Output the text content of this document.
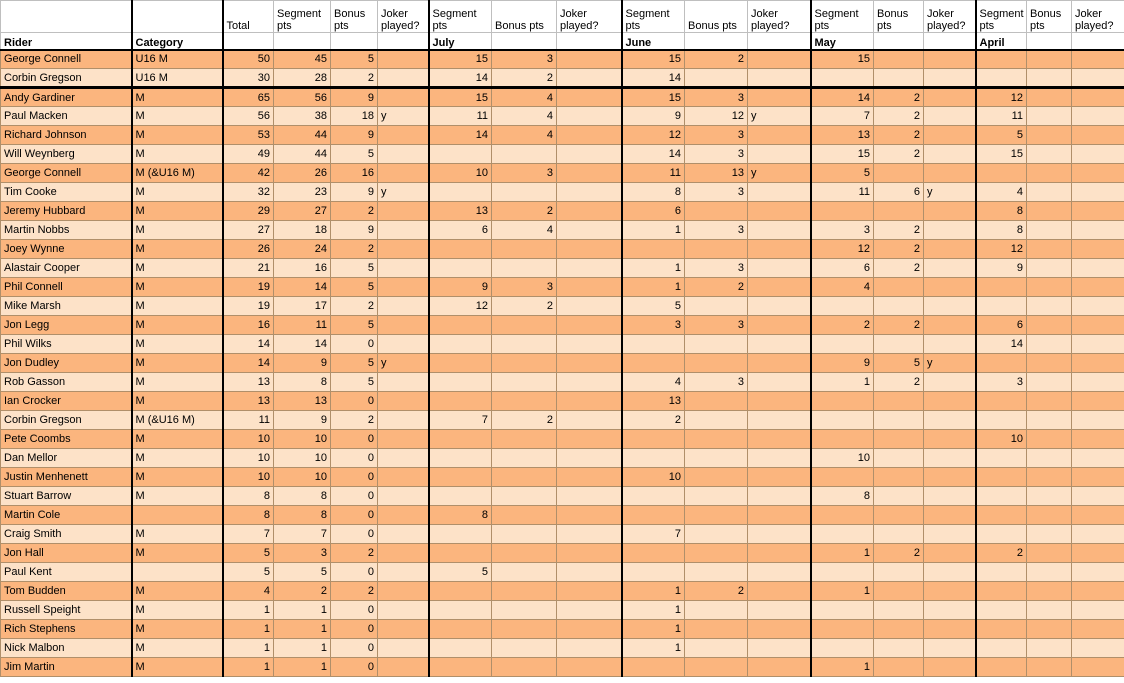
		Total	Segment pts	Bonus pts	Joker played?	Segment pts	Bonus pts	Joker played?	Segment pts	Bonus pts	Joker played?	Segment pts	Bonus pts	Joker played?	Segment pts	Bonus pts	Joker played?
Rider	Category					July			June			May			April		
George Connell	U16 M	50	45	5		15	3		15	2		15					
Corbin Gregson	U16 M	30	28	2		14	2		14								
Andy Gardiner	M	65	56	9		15	4		15	3		14	2		12		
Paul Macken	M	56	38	18	y	11	4		9	12	y	7	2		11		
Richard Johnson	M	53	44	9		14	4		12	3		13	2		5		
Will Weynberg	M	49	44	5					14	3		15	2		15		
George Connell	M (&U16 M)	42	26	16		10	3		11	13	y	5					
Tim Cooke	M	32	23	9	y				8	3		11	6	y	4		
Jeremy Hubbard	M	29	27	2		13	2		6						8		
Martin Nobbs	M	27	18	9		6	4		1	3		3	2		8		
Joey Wynne	M	26	24	2								12	2		12		
Alastair Cooper	M	21	16	5					1	3		6	2		9		
Phil Connell	M	19	14	5		9	3		1	2		4					
Mike Marsh	M	19	17	2		12	2		5								
Jon Legg	M	16	11	5					3	3		2	2		6		
Phil Wilks	M	14	14	0											14		
Jon Dudley	M	14	9	5	y							9	5	y			
Rob Gasson	M	13	8	5					4	3		1	2		3		
Ian Crocker	M	13	13	0					13								
Corbin Gregson	M (&U16 M)	11	9	2		7	2		2								
Pete Coombs	M	10	10	0											10		
Dan Mellor	M	10	10	0								10					
Justin Menhenett	M	10	10	0					10								
Stuart Barrow	M	8	8	0								8					
Martin Cole		8	8	0		8											
Craig Smith	M	7	7	0					7								
Jon Hall	M	5	3	2								1	2		2		
Paul Kent		5	5	0		5											
Tom Budden	M	4	2	2					1	2		1					
Russell Speight	M	1	1	0					1								
Rich Stephens	M	1	1	0					1								
Nick Malbon	M	1	1	0					1								
Jim Martin	M	1	1	0								1					
